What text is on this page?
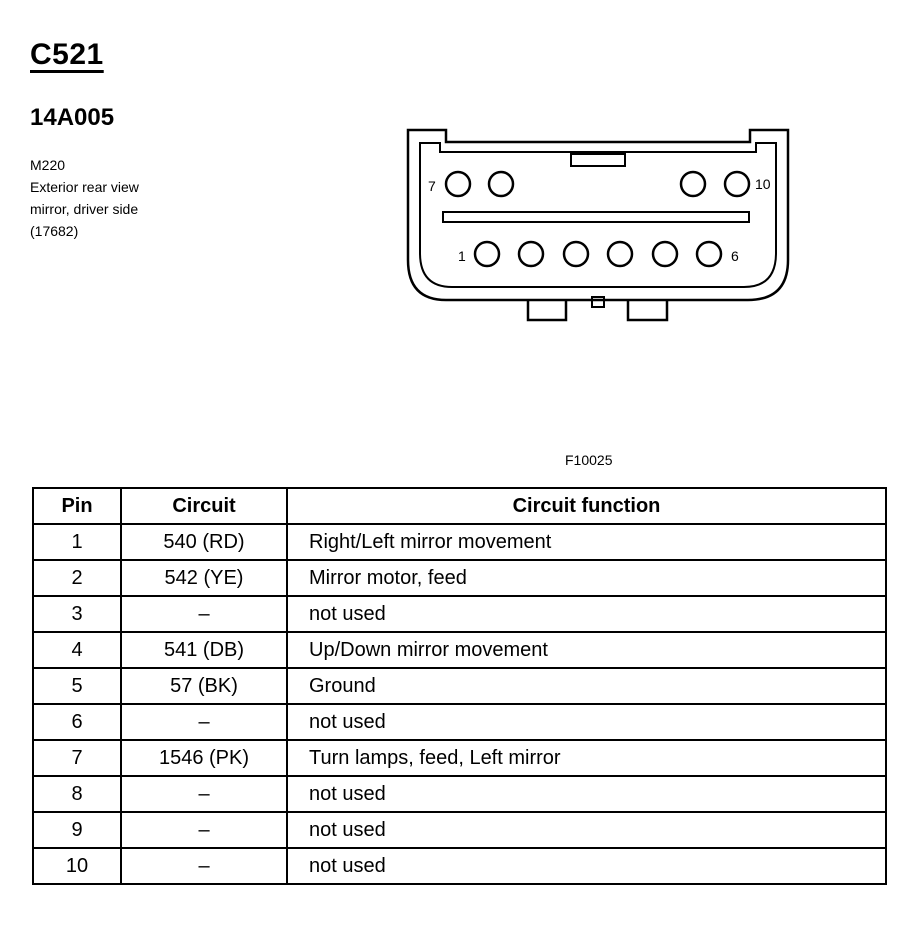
C521
14A005
M220
Exterior rear view
mirror, driver side
(17682)
7	10
1	6
F10025
Pin	Circuit	Circuit function
1	540 (RD)	Right/Left mirror movement
2	542 (YE)	Mirror motor, feed
3	–	not used
4	541 (DB)	Up/Down mirror movement
5	57 (BK)	Ground
6	–	not used
7	1546 (PK)	Turn lamps, feed, Left mirror
8	–	not used
9	–	not used
10	–	not used
